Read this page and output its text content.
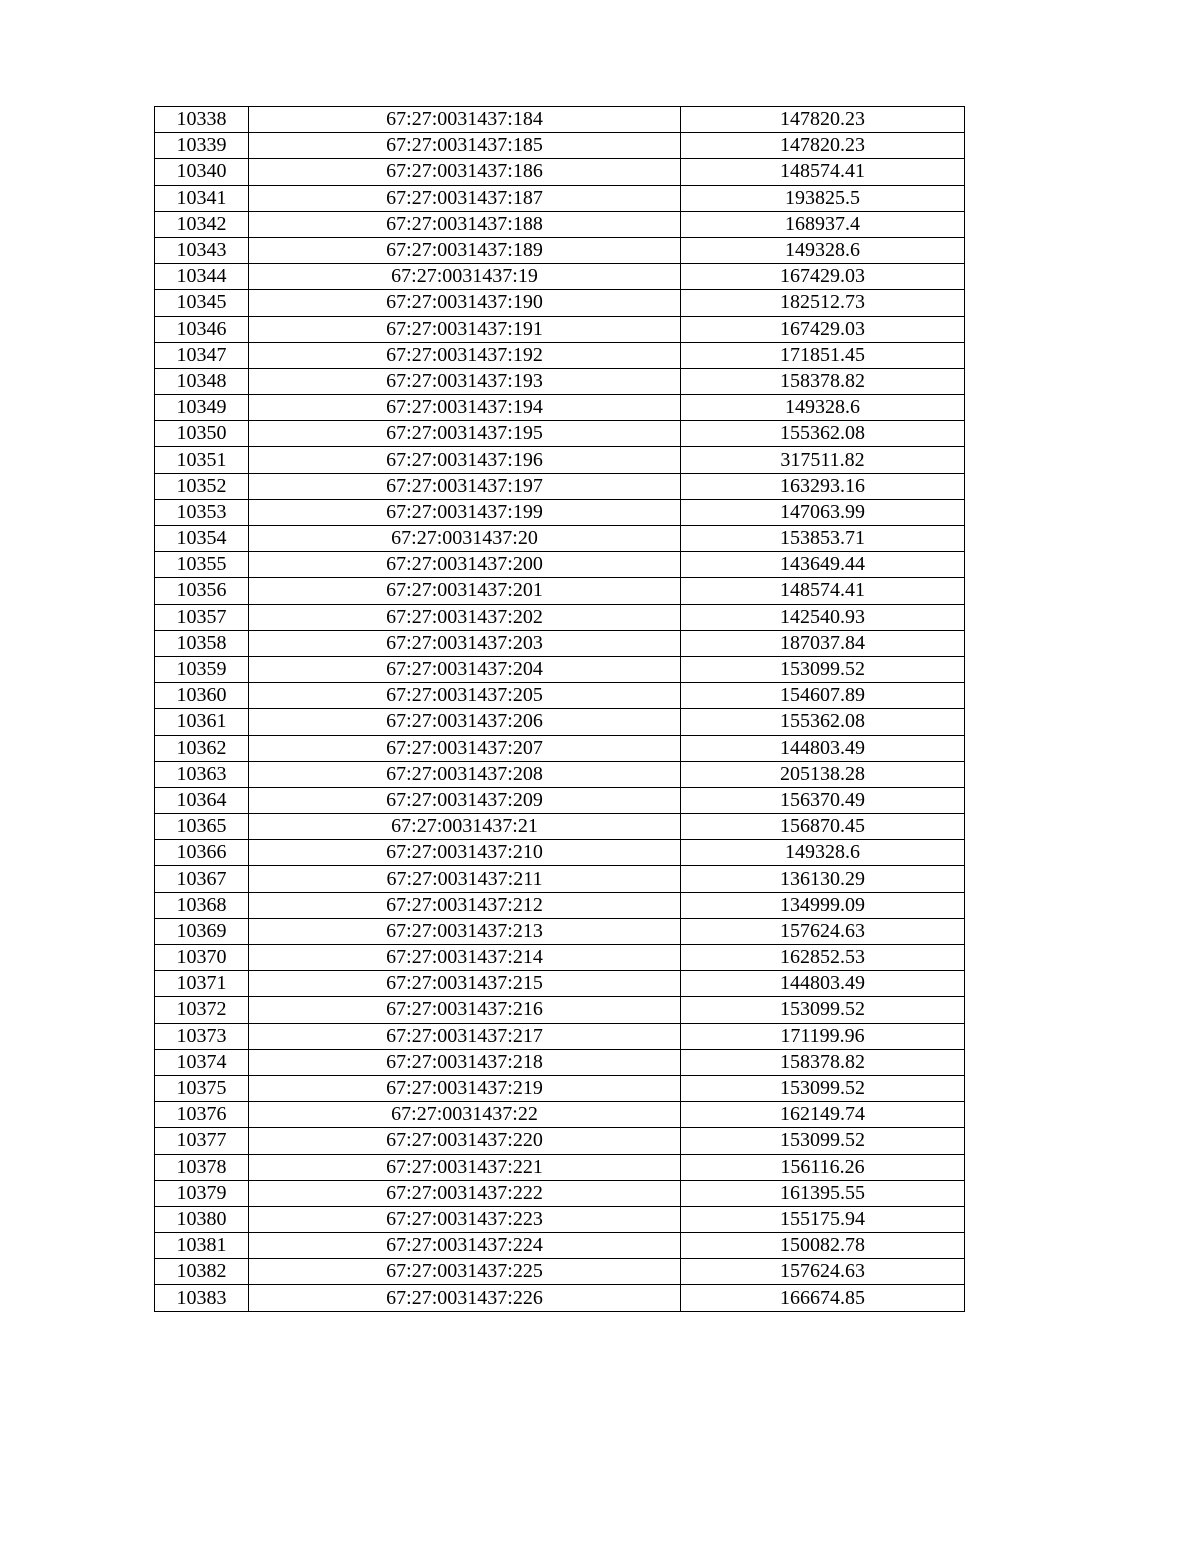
10338	67:27:0031437:184	147820.23
10339	67:27:0031437:185	147820.23
10340	67:27:0031437:186	148574.41
10341	67:27:0031437:187	193825.5
10342	67:27:0031437:188	168937.4
10343	67:27:0031437:189	149328.6
10344	67:27:0031437:19	167429.03
10345	67:27:0031437:190	182512.73
10346	67:27:0031437:191	167429.03
10347	67:27:0031437:192	171851.45
10348	67:27:0031437:193	158378.82
10349	67:27:0031437:194	149328.6
10350	67:27:0031437:195	155362.08
10351	67:27:0031437:196	317511.82
10352	67:27:0031437:197	163293.16
10353	67:27:0031437:199	147063.99
10354	67:27:0031437:20	153853.71
10355	67:27:0031437:200	143649.44
10356	67:27:0031437:201	148574.41
10357	67:27:0031437:202	142540.93
10358	67:27:0031437:203	187037.84
10359	67:27:0031437:204	153099.52
10360	67:27:0031437:205	154607.89
10361	67:27:0031437:206	155362.08
10362	67:27:0031437:207	144803.49
10363	67:27:0031437:208	205138.28
10364	67:27:0031437:209	156370.49
10365	67:27:0031437:21	156870.45
10366	67:27:0031437:210	149328.6
10367	67:27:0031437:211	136130.29
10368	67:27:0031437:212	134999.09
10369	67:27:0031437:213	157624.63
10370	67:27:0031437:214	162852.53
10371	67:27:0031437:215	144803.49
10372	67:27:0031437:216	153099.52
10373	67:27:0031437:217	171199.96
10374	67:27:0031437:218	158378.82
10375	67:27:0031437:219	153099.52
10376	67:27:0031437:22	162149.74
10377	67:27:0031437:220	153099.52
10378	67:27:0031437:221	156116.26
10379	67:27:0031437:222	161395.55
10380	67:27:0031437:223	155175.94
10381	67:27:0031437:224	150082.78
10382	67:27:0031437:225	157624.63
10383	67:27:0031437:226	166674.85
